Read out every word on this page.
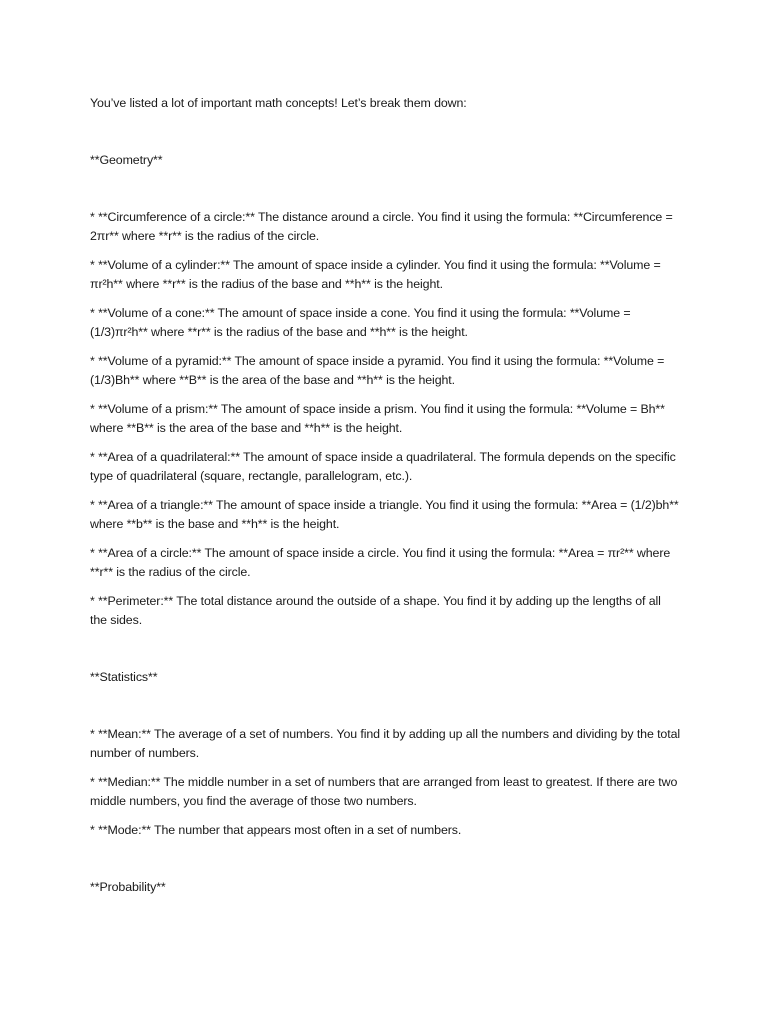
You’ve listed a lot of important math concepts! Let’s break them down:

**Geometry**

* **Circumference of a circle:** The distance around a circle. You find it using the formula: **Circumference = 2πr** where **r** is the radius of the circle.

* **Volume of a cylinder:** The amount of space inside a cylinder. You find it using the formula: **Volume = πr²h** where **r** is the radius of the base and **h** is the height.

* **Volume of a cone:** The amount of space inside a cone. You find it using the formula: **Volume = (1/3)πr²h** where **r** is the radius of the base and **h** is the height.

* **Volume of a pyramid:** The amount of space inside a pyramid. You find it using the formula: **Volume = (1/3)Bh** where **B** is the area of the base and **h** is the height.

* **Volume of a prism:** The amount of space inside a prism. You find it using the formula: **Volume = Bh** where **B** is the area of the base and **h** is the height.

* **Area of a quadrilateral:** The amount of space inside a quadrilateral. The formula depends on the specific type of quadrilateral (square, rectangle, parallelogram, etc.).

* **Area of a triangle:** The amount of space inside a triangle. You find it using the formula: **Area = (1/2)bh** where **b** is the base and **h** is the height.

* **Area of a circle:** The amount of space inside a circle. You find it using the formula: **Area = πr²** where **r** is the radius of the circle.

* **Perimeter:** The total distance around the outside of a shape. You find it by adding up the lengths of all the sides.

**Statistics**

* **Mean:** The average of a set of numbers. You find it by adding up all the numbers and dividing by the total number of numbers.

* **Median:** The middle number in a set of numbers that are arranged from least to greatest. If there are two middle numbers, you find the average of those two numbers.

* **Mode:** The number that appears most often in a set of numbers.

**Probability**
